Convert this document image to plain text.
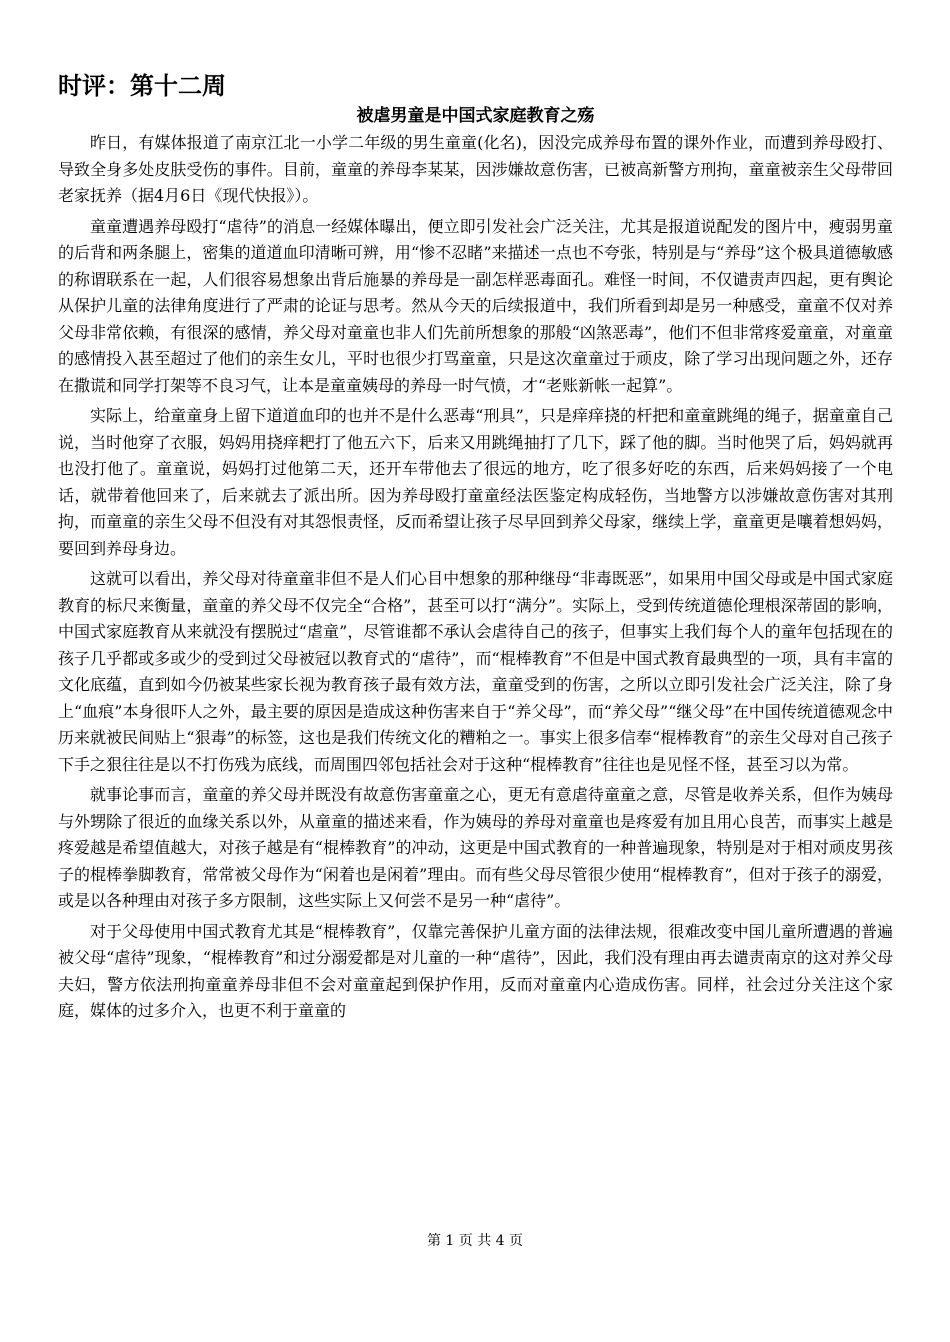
时评：第十二周
被虐男童是中国式家庭教育之殇

昨日，有媒体报道了南京江北一小学二年级的男生童童(化名)，因没完成养母布置的课外作业，而遭到养母殴打、导致全身多处皮肤受伤的事件。目前，童童的养母李某某，因涉嫌故意伤害，已被高新警方刑拘，童童被亲生父母带回老家抚养（据4月6日《现代快报》）。

童童遭遇养母殴打“虐待”的消息一经媒体曝出，便立即引发社会广泛关注，尤其是报道说配发的图片中，瘦弱男童的后背和两条腿上，密集的道道血印清晰可辨，用“惨不忍睹”来描述一点也不夸张，特别是与“养母”这个极具道德敏感的称谓联系在一起，人们很容易想象出背后施暴的养母是一副怎样恶毒面孔。难怪一时间，不仅谴责声四起，更有舆论从保护儿童的法律角度进行了严肃的论证与思考。然从今天的后续报道中，我们所看到却是另一种感受，童童不仅对养父母非常依赖，有很深的感情，养父母对童童也非人们先前所想象的那般“凶煞恶毒”，他们不但非常疼爱童童，对童童的感情投入甚至超过了他们的亲生女儿，平时也很少打骂童童，只是这次童童过于顽皮，除了学习出现问题之外，还存在撒谎和同学打架等不良习气，让本是童童姨母的养母一时气愤，才“老账新帐一起算”。

实际上，给童童身上留下道道血印的也并不是什么恶毒“刑具”，只是痒痒挠的杆把和童童跳绳的绳子，据童童自己说，当时他穿了衣服，妈妈用挠痒耙打了他五六下，后来又用跳绳抽打了几下，踩了他的脚。当时他哭了后，妈妈就再也没打他了。童童说，妈妈打过他第二天，还开车带他去了很远的地方，吃了很多好吃的东西，后来妈妈接了一个电话，就带着他回来了，后来就去了派出所。因为养母殴打童童经法医鉴定构成轻伤，当地警方以涉嫌故意伤害对其刑拘，而童童的亲生父母不但没有对其怨恨责怪，反而希望让孩子尽早回到养父母家，继续上学，童童更是嚷着想妈妈，要回到养母身边。

这就可以看出，养父母对待童童非但不是人们心目中想象的那种继母“非毒既恶”，如果用中国父母或是中国式家庭教育的标尺来衡量，童童的养父母不仅完全“合格”，甚至可以打“满分”。实际上，受到传统道德伦理根深蒂固的影响，中国式家庭教育从来就没有摆脱过“虐童”，尽管谁都不承认会虐待自己的孩子，但事实上我们每个人的童年包括现在的孩子几乎都或多或少的受到过父母被冠以教育式的“虐待”，而“棍棒教育”不但是中国式教育最典型的一项，具有丰富的文化底蕴，直到如今仍被某些家长视为教育孩子最有效方法，童童受到的伤害，之所以立即引发社会广泛关注，除了身上“血痕”本身很吓人之外，最主要的原因是造成这种伤害来自于“养父母”，而“养父母”“继父母”在中国传统道德观念中历来就被民间贴上“狠毒”的标签，这也是我们传统文化的糟粕之一。事实上很多信奉“棍棒教育”的亲生父母对自己孩子下手之狠往往是以不打伤残为底线，而周围四邻包括社会对于这种“棍棒教育”往往也是见怪不怪，甚至习以为常。

就事论事而言，童童的养父母并既没有故意伤害童童之心，更无有意虐待童童之意，尽管是收养关系，但作为姨母与外甥除了很近的血缘关系以外，从童童的描述来看，作为姨母的养母对童童也是疼爱有加且用心良苦，而事实上越是疼爱越是希望值越大，对孩子越是有“棍棒教育”的冲动，这更是中国式教育的一种普遍现象，特别是对于相对顽皮男孩子的棍棒拳脚教育，常常被父母作为“闲着也是闲着”理由。而有些父母尽管很少使用“棍棒教育”，但对于孩子的溺爱，或是以各种理由对孩子多方限制，这些实际上又何尝不是另一种“虐待”。

对于父母使用中国式教育尤其是“棍棒教育”，仅靠完善保护儿童方面的法律法规，很难改变中国儿童所遭遇的普遍被父母“虐待”现象，“棍棒教育”和过分溺爱都是对儿童的一种“虐待”，因此，我们没有理由再去谴责南京的这对养父母夫妇，警方依法刑拘童童养母非但不会对童童起到保护作用，反而对童童内心造成伤害。同样，社会过分关注这个家庭，媒体的过多介入，也更不利于童童的

第 1 页 共 4 页
